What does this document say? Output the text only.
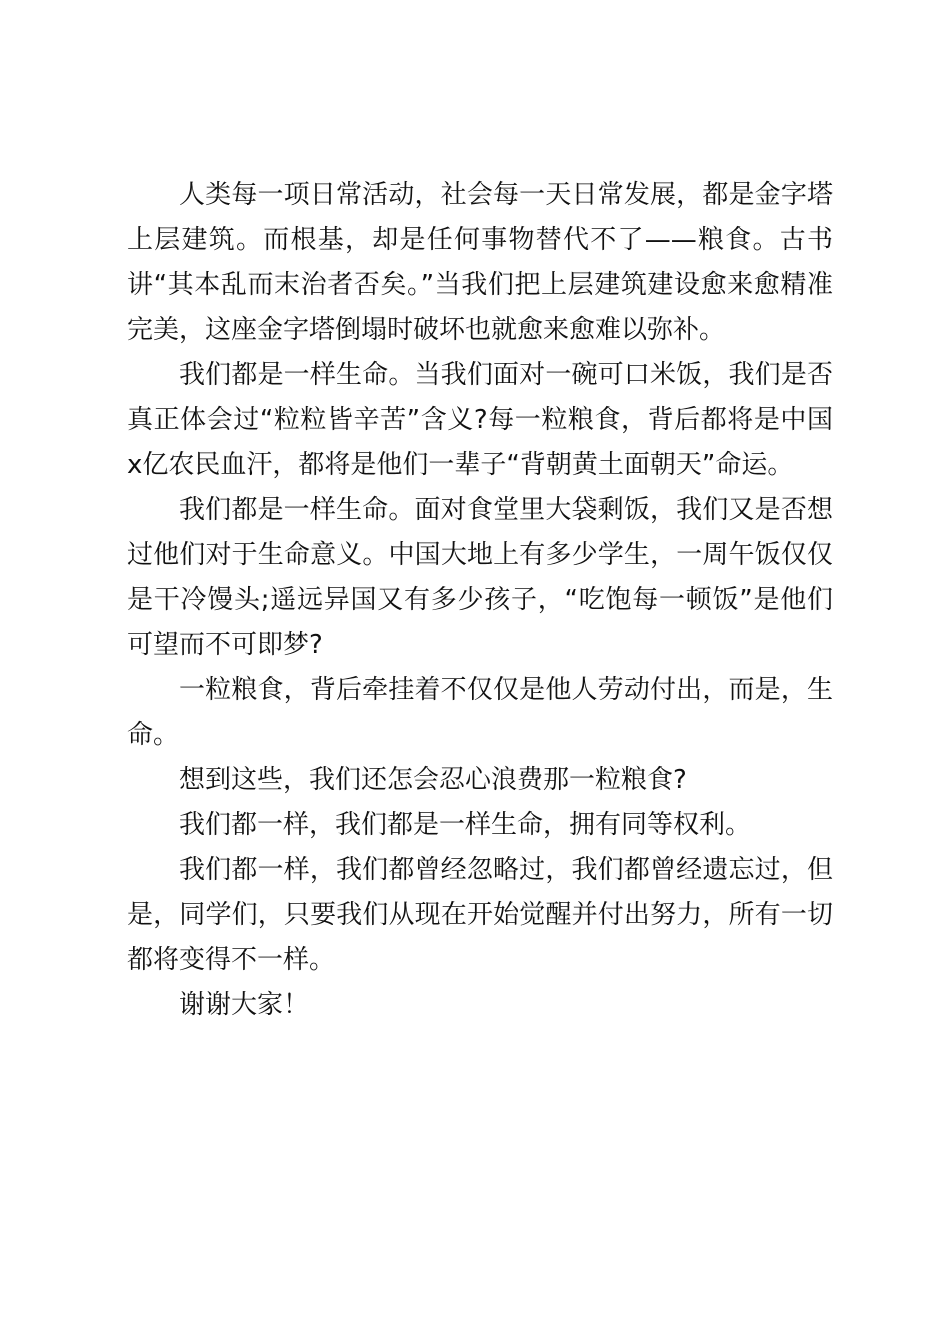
人类每一项日常活动，社会每一天日常发展，都是金字塔上层建筑。而根基，却是任何事物替代不了——粮食。古书讲“其本乱而末治者否矣。”当我们把上层建筑建设愈来愈精准完美，这座金字塔倒塌时破坏也就愈来愈难以弥补。

我们都是一样生命。当我们面对一碗可口米饭，我们是否真正体会过“粒粒皆辛苦”含义?每一粒粮食，背后都将是中国x亿农民血汗，都将是他们一辈子“背朝黄土面朝天”命运。

我们都是一样生命。面对食堂里大袋剩饭，我们又是否想过他们对于生命意义。中国大地上有多少学生，一周午饭仅仅是干冷馒头;遥远异国又有多少孩子，“吃饱每一顿饭”是他们可望而不可即梦?

一粒粮食，背后牵挂着不仅仅是他人劳动付出，而是，生命。

想到这些，我们还怎会忍心浪费那一粒粮食?

我们都一样，我们都是一样生命，拥有同等权利。

我们都一样，我们都曾经忽略过，我们都曾经遗忘过，但是，同学们，只要我们从现在开始觉醒并付出努力，所有一切都将变得不一样。

谢谢大家！
